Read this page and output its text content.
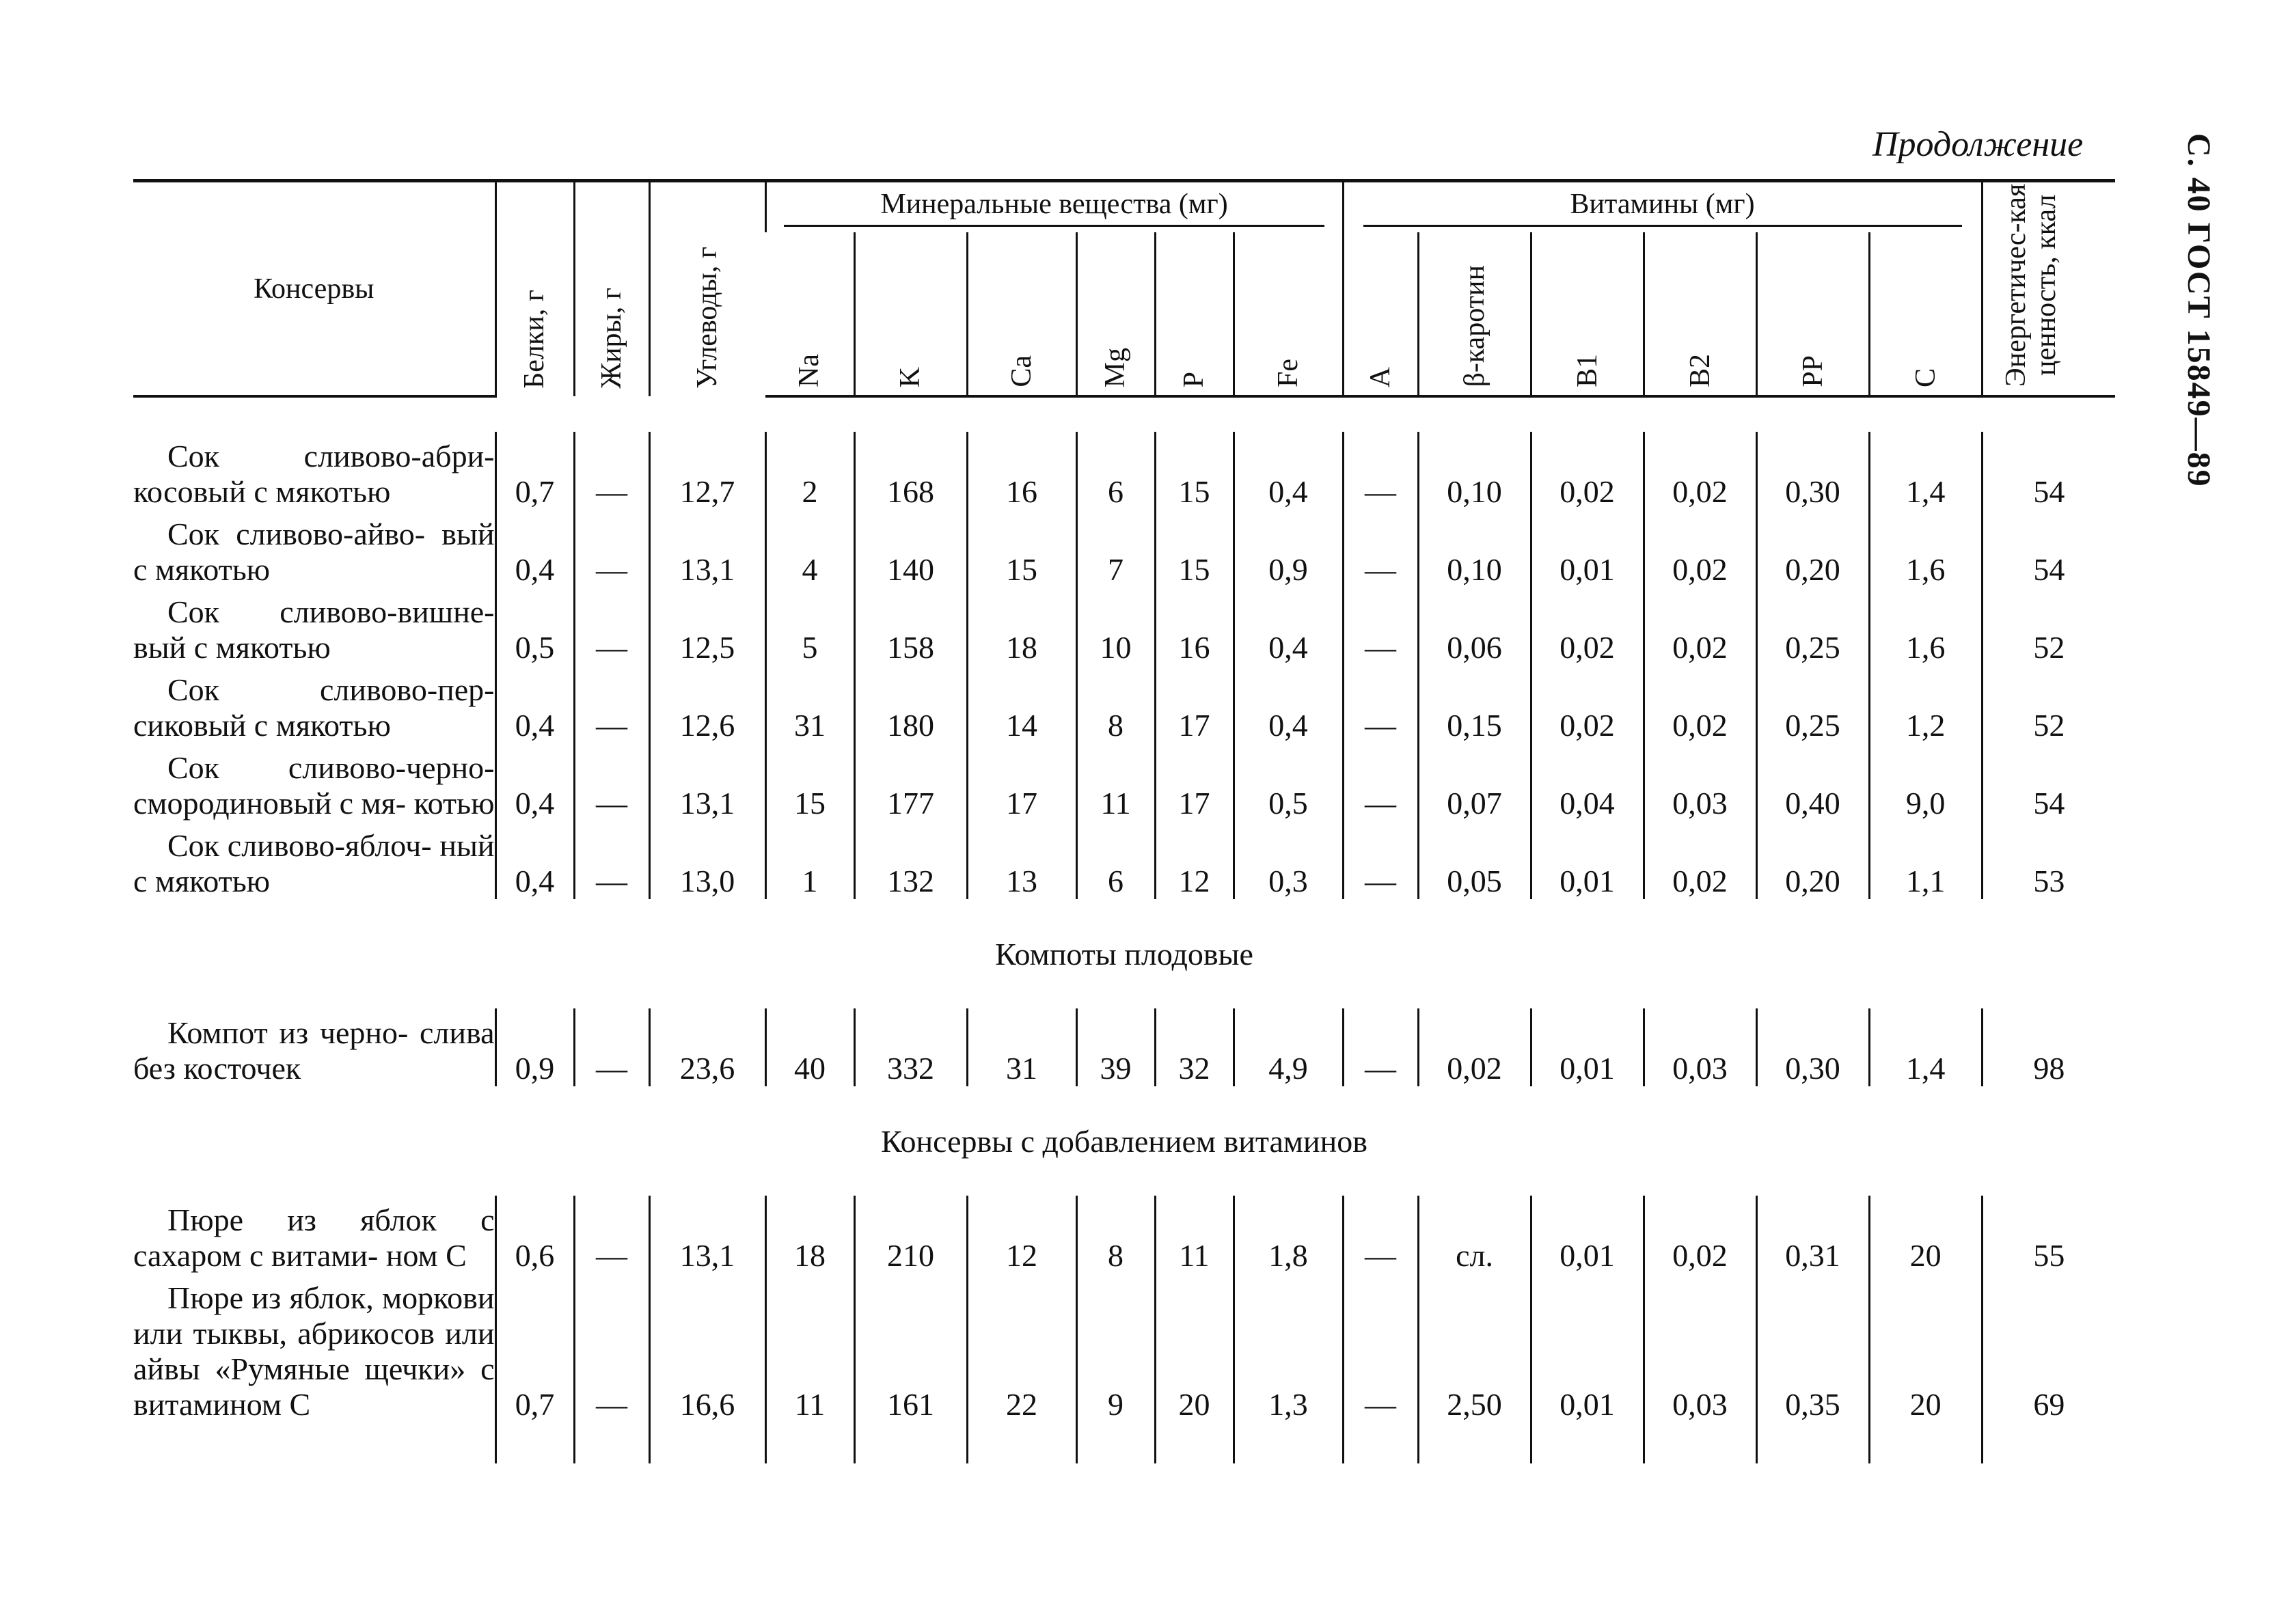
Продолжение	С. 40 ГОСТ 15849—89
Консервы	Белки, г	Жиры, г	Углеводы, г	Минеральные вещества (мг)						Витамины (мг)						Энергетичес-кая ценность, ккал
				Na	K	Ca	Mg	P	Fe	A	β-каротин	B1	B2	PP	C	

Сок сливово-абри- косовый с мякотью	0,7	—	12,7	2	168	16	6	15	0,4	—	0,10	0,02	0,02	0,30	1,4	54
Сок сливово-айво- вый с мякотью	0,4	—	13,1	4	140	15	7	15	0,9	—	0,10	0,01	0,02	0,20	1,6	54
Сок сливово-вишне- вый с мякотью	0,5	—	12,5	5	158	18	10	16	0,4	—	0,06	0,02	0,02	0,25	1,6	52
Сок сливово-пер- сиковый с мякотью	0,4	—	12,6	31	180	14	8	17	0,4	—	0,15	0,02	0,02	0,25	1,2	52
Сок сливово-черно- смородиновый с мя- котью	0,4	—	13,1	15	177	17	11	17	0,5	—	0,07	0,04	0,03	0,40	9,0	54
Сок сливово-яблоч- ный с мякотью	0,4	—	13,0	1	132	13	6	12	0,3	—	0,05	0,01	0,02	0,20	1,1	53
Компоты плодовые																
Компот из черно- слива без косточек	0,9	—	23,6	40	332	31	39	32	4,9	—	0,02	0,01	0,03	0,30	1,4	98
Консервы с добавлением витаминов																
Пюре из яблок с сахаром с витами- ном С	0,6	—	13,1	18	210	12	8	11	1,8	—	сл.	0,01	0,02	0,31	20	55
Пюре из яблок, моркови или тыквы, абрикосов или айвы «Румяные щечки» с витамином С	0,7	—	16,6	11	161	22	9	20	1,3	—	2,50	0,01	0,03	0,35	20	69
